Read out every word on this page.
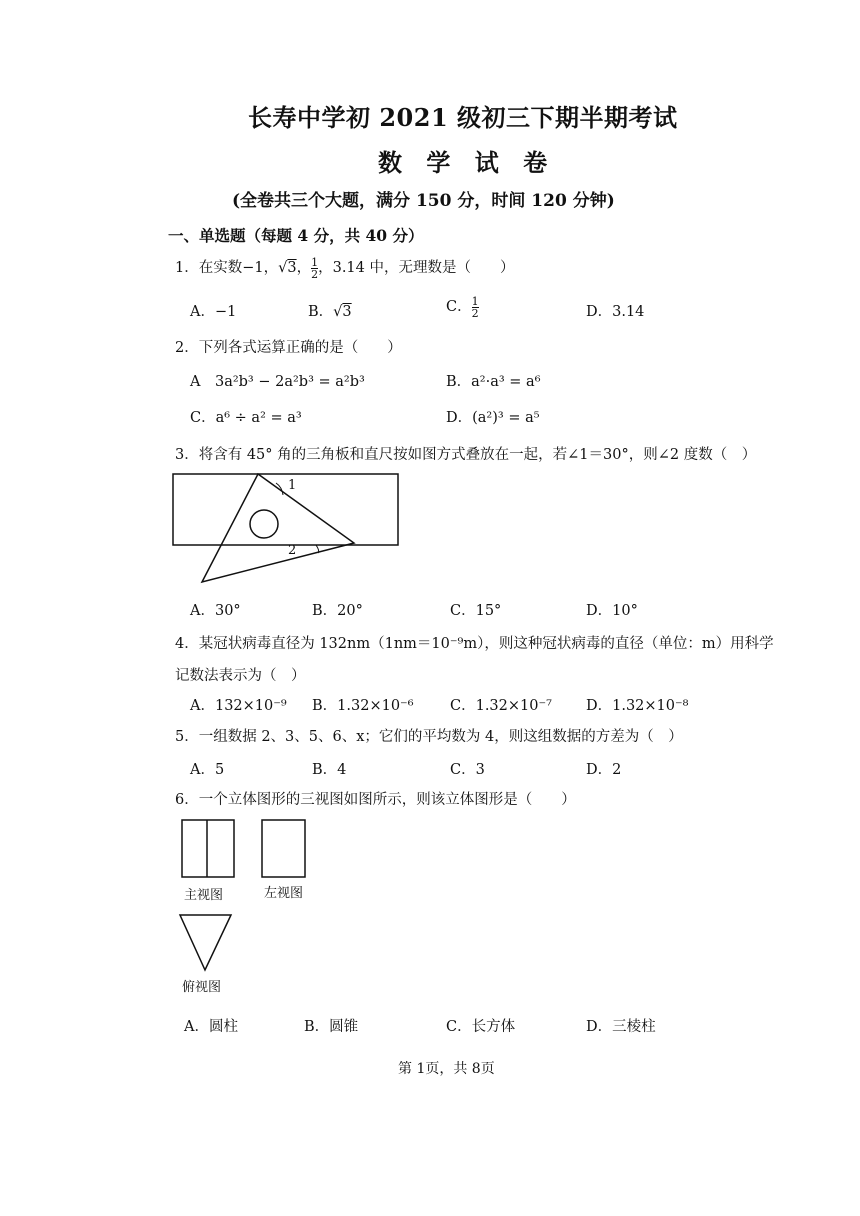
长寿中学初 2021 级初三下期半期考试
数 学 试 卷
(全卷共三个大题，满分 150 分，时间 120 分钟)
一、单选题（每题 4 分，共 40 分）
1．在实数−1，√3， $\frac{1}{2}$ ，3.14 中，无理数是（　　）
A．−1	B．√3	C． $\frac{1}{2}$	D．3.14
2．下列各式运算正确的是（　　）
A　3a²b³ − 2a²b³ = a²b³	B．a²·a³ = a⁶
C．a⁶ ÷ a² = a³	D．(a²)³ = a⁵
3．将含有 45° 角的三角板和直尺按如图方式叠放在一起，若∠1＝30°，则∠2 度数（　）
1
2
A．30°	B．20°	C．15°	D．10°
4．某冠状病毒直径为 132nm（1nm＝10⁻⁹m），则这种冠状病毒的直径（单位：m）用科学
记数法表示为（　）
A．132×10⁻⁹ B．1.32×10⁻⁶	C．1.32×10⁻⁷ D．1.32×10⁻⁸
5．一组数据 2、3、5、6、x；它们的平均数为 4，则这组数据的方差为（　）
A．5	B．4	C．3	D．2
6．一个立体图形的三视图如图所示，则该立体图形是（　　）
主视图	左视图
俯视图
A．圆柱	B．圆锥	C．长方体	D．三棱柱
第 1页，共 8页
